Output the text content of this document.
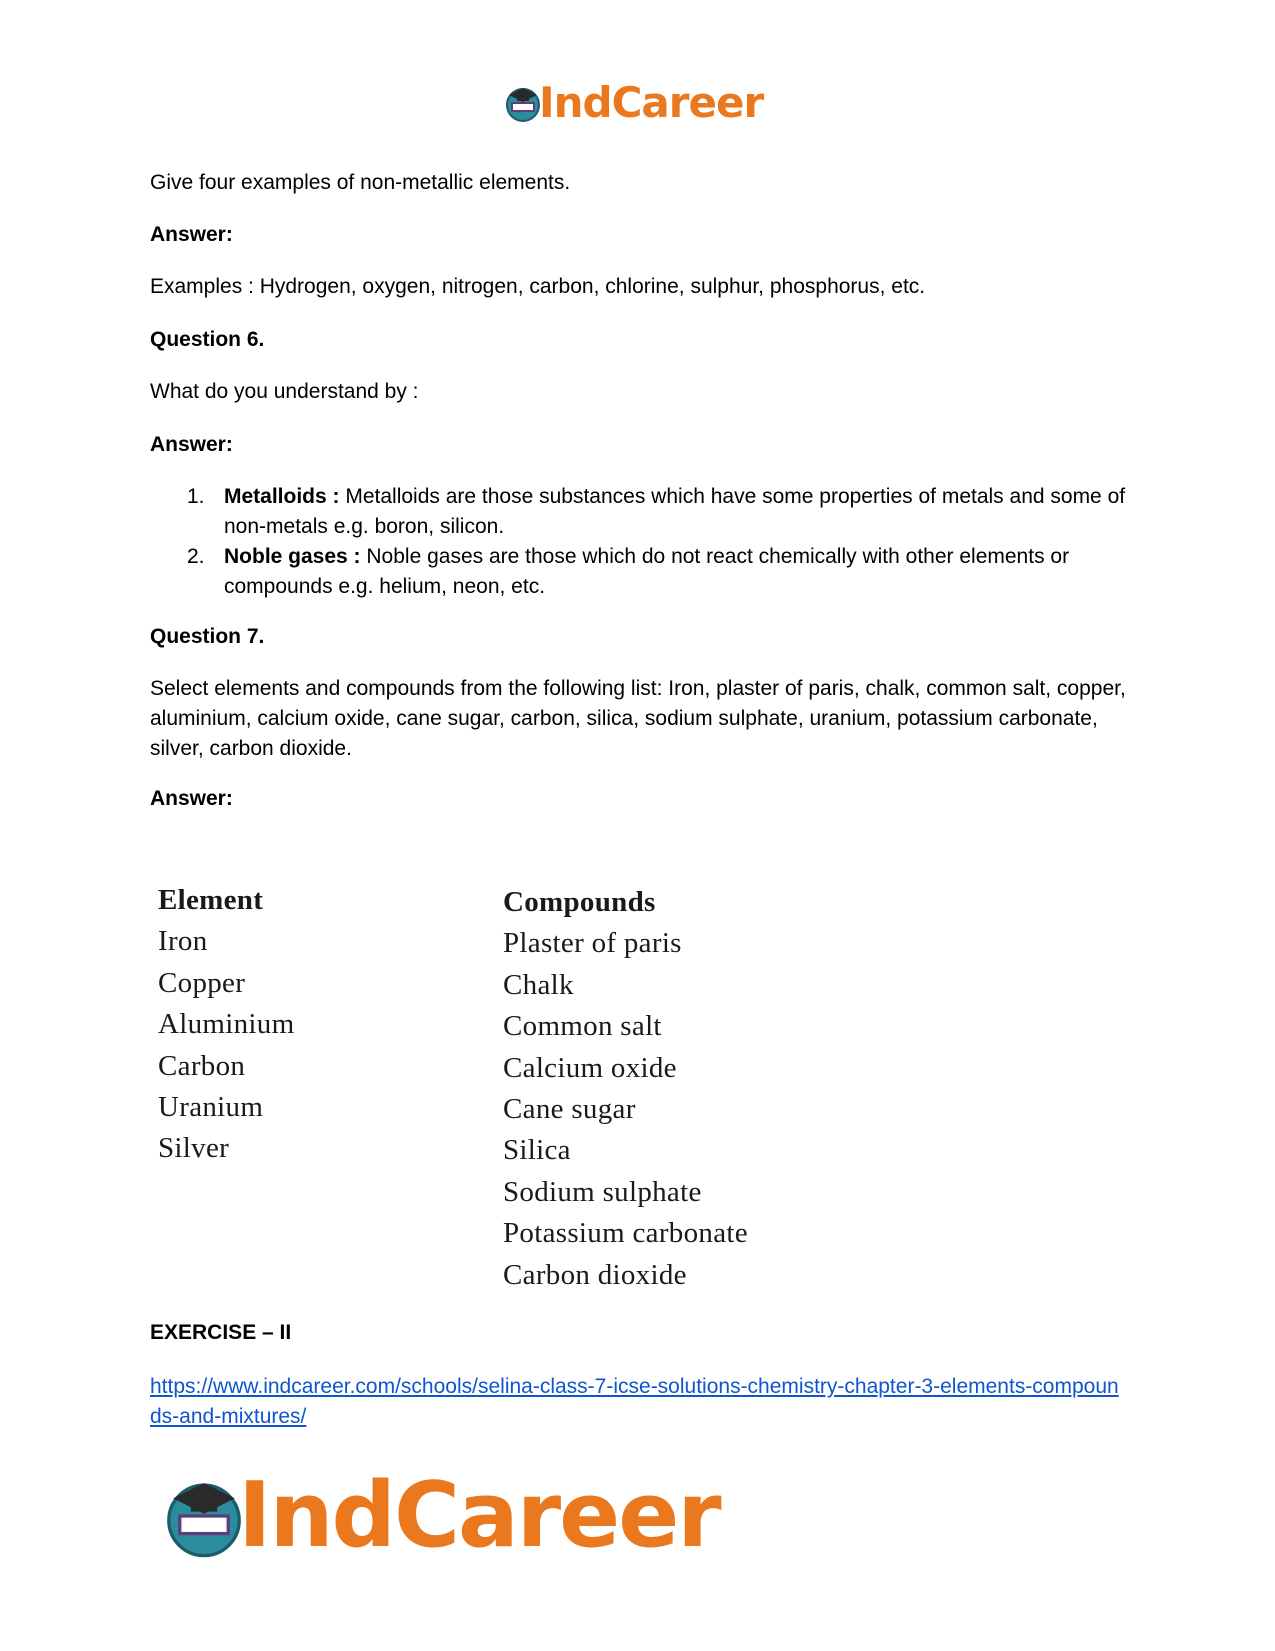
IndCareer

Give four examples of non-metallic elements.

Answer:

Examples : Hydrogen, oxygen, nitrogen, carbon, chlorine, sulphur, phosphorus, etc.

Question 6.

What do you understand by :

Answer:

1. Metalloids : Metalloids are those substances which have some properties of metals and some of non-metals e.g. boron, silicon.
2. Noble gases : Noble gases are those which do not react chemically with other elements or compounds e.g. helium, neon, etc.

Question 7.

Select elements and compounds from the following list: Iron, plaster of paris, chalk, common salt, copper, aluminium, calcium oxide, cane sugar, carbon, silica, sodium sulphate, uranium, potassium carbonate, silver, carbon dioxide.

Answer:

Element
Iron
Copper
Aluminium
Carbon
Uranium
Silver
Compounds
Plaster of paris
Chalk
Common salt
Calcium oxide
Cane sugar
Silica
Sodium sulphate
Potassium carbonate
Carbon dioxide

EXERCISE – II

https://www.indcareer.com/schools/selina-class-7-icse-solutions-chemistry-chapter-3-elements-compounds-and-mixtures/

IndCareer
